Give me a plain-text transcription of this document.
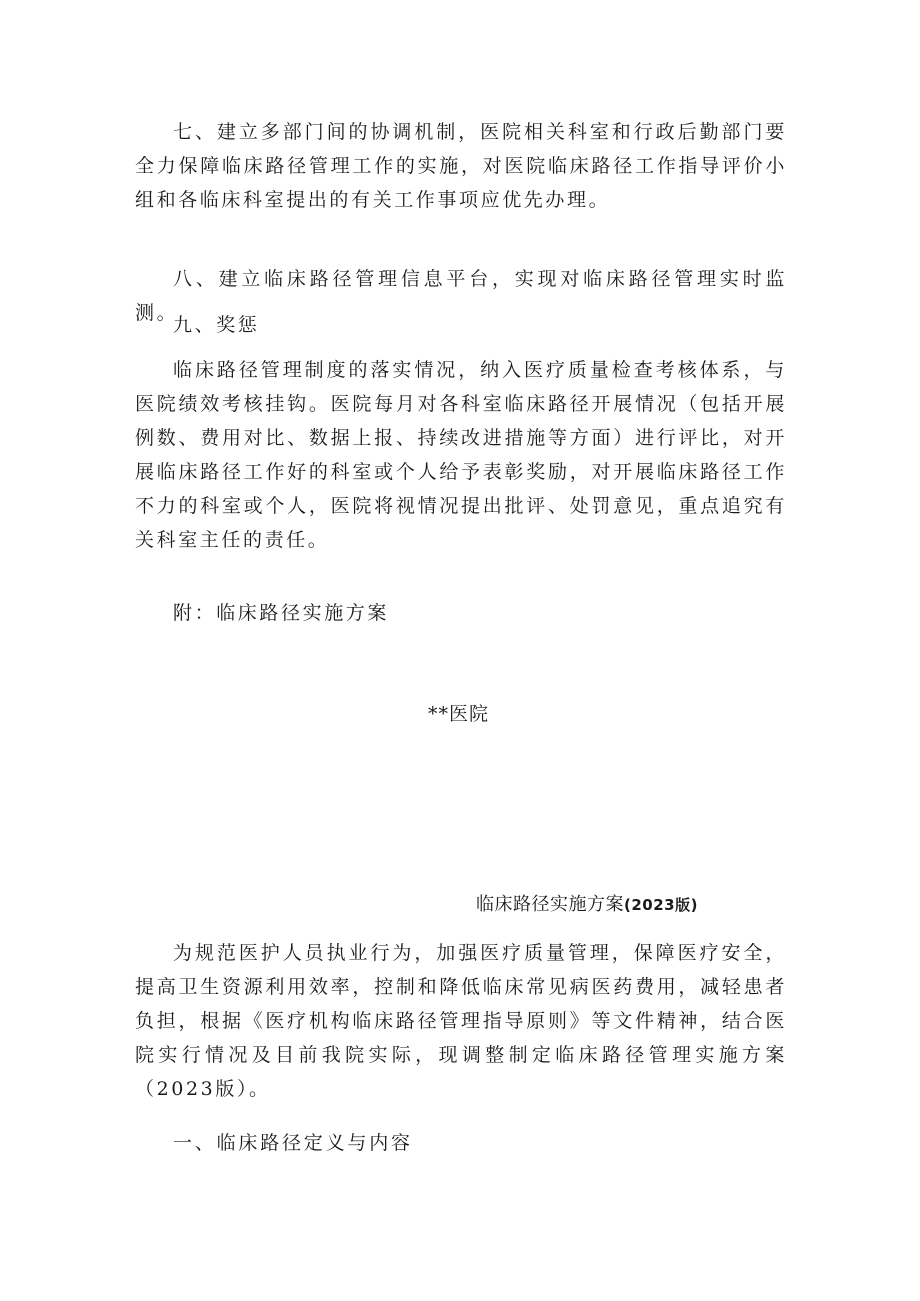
七、建立多部门间的协调机制，医院相关科室和行政后勤部门要全力保障临床路径管理工作的实施，对医院临床路径工作指导评价小组和各临床科室提出的有关工作事项应优先办理。

八、建立临床路径管理信息平台，实现对临床路径管理实时监测。

九、奖惩

临床路径管理制度的落实情况，纳入医疗质量检查考核体系，与医院绩效考核挂钩。医院每月对各科室临床路径开展情况（包括开展例数、费用对比、数据上报、持续改进措施等方面）进行评比，对开展临床路径工作好的科室或个人给予表彰奖励，对开展临床路径工作不力的科室或个人，医院将视情况提出批评、处罚意见，重点追究有关科室主任的责任。

附：临床路径实施方案

**医院

临床路径实施方案(2023版)

为规范医护人员执业行为，加强医疗质量管理，保障医疗安全，提高卫生资源利用效率，控制和降低临床常见病医药费用，减轻患者负担，根据《医疗机构临床路径管理指导原则》等文件精神，结合医院实行情况及目前我院实际，现调整制定临床路径管理实施方案（2023版）。

一、临床路径定义与内容
